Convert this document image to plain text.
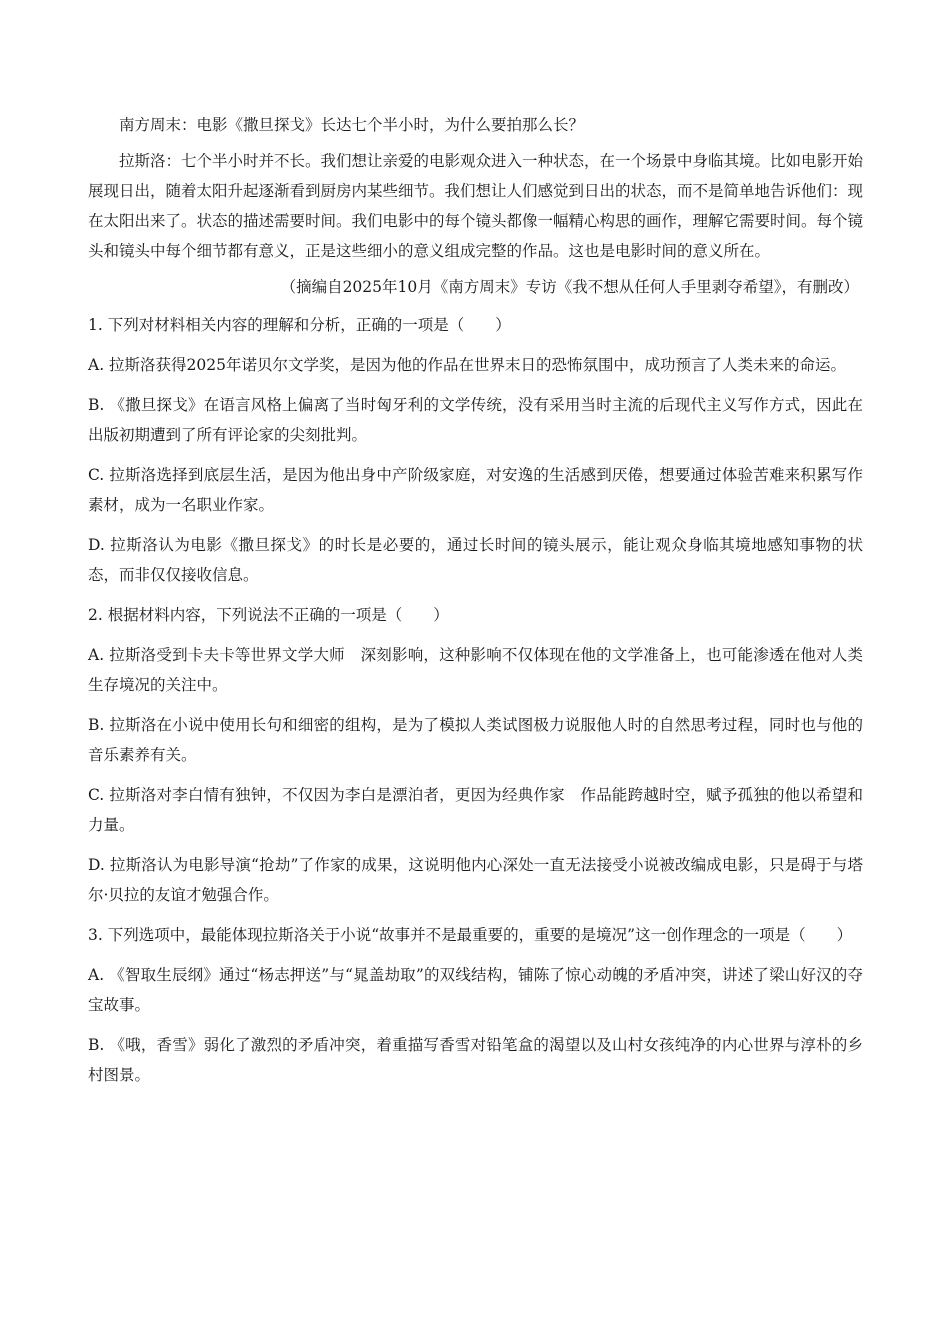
南方周末：电影《撒旦探戈》长达七个半小时，为什么要拍那么长？

拉斯洛：七个半小时并不长。我们想让亲爱的电影观众进入一种状态，在一个场景中身临其境。比如电影开始展现日出，随着太阳升起逐渐看到厨房内某些细节。我们想让人们感觉到日出的状态，而不是简单地告诉他们：现在太阳出来了。状态的描述需要时间。我们电影中的每个镜头都像一幅精心构思的画作，理解它需要时间。每个镜头和镜头中每个细节都有意义，正是这些细小的意义组成完整的作品。这也是电影时间的意义所在。

（摘编自2025年10月《南方周末》专访《我不想从任何人手里剥夺希望》，有删改）

1. 下列对材料相关内容的理解和分析，正确的一项是（　　）

A. 拉斯洛获得2025年诺贝尔文学奖，是因为他的作品在世界末日的恐怖氛围中，成功预言了人类未来的命运。

B. 《撒旦探戈》在语言风格上偏离了当时匈牙利的文学传统，没有采用当时主流的后现代主义写作方式，因此在出版初期遭到了所有评论家的尖刻批判。

C. 拉斯洛选择到底层生活，是因为他出身中产阶级家庭，对安逸的生活感到厌倦，想要通过体验苦难来积累写作素材，成为一名职业作家。

D. 拉斯洛认为电影《撒旦探戈》的时长是必要的，通过长时间的镜头展示，能让观众身临其境地感知事物的状态，而非仅仅接收信息。

2. 根据材料内容，下列说法不正确的一项是（　　）

A. 拉斯洛受到卡夫卡等世界文学大师　深刻影响，这种影响不仅体现在他的文学准备上，也可能渗透在他对人类生存境况的关注中。

B. 拉斯洛在小说中使用长句和细密的组构，是为了模拟人类试图极力说服他人时的自然思考过程，同时也与他的音乐素养有关。

C. 拉斯洛对李白情有独钟，不仅因为李白是漂泊者，更因为经典作家　作品能跨越时空，赋予孤独的他以希望和力量。

D. 拉斯洛认为电影导演“抢劫”了作家的成果，这说明他内心深处一直无法接受小说被改编成电影，只是碍于与塔尔·贝拉的友谊才勉强合作。

3. 下列选项中，最能体现拉斯洛关于小说“故事并不是最重要的，重要的是境况”这一创作理念的一项是（　　）

A. 《智取生辰纲》通过“杨志押送”与“晁盖劫取”的双线结构，铺陈了惊心动魄的矛盾冲突，讲述了梁山好汉的夺宝故事。

B. 《哦，香雪》弱化了激烈的矛盾冲突，着重描写香雪对铅笔盒的渴望以及山村女孩纯净的内心世界与淳朴的乡村图景。
